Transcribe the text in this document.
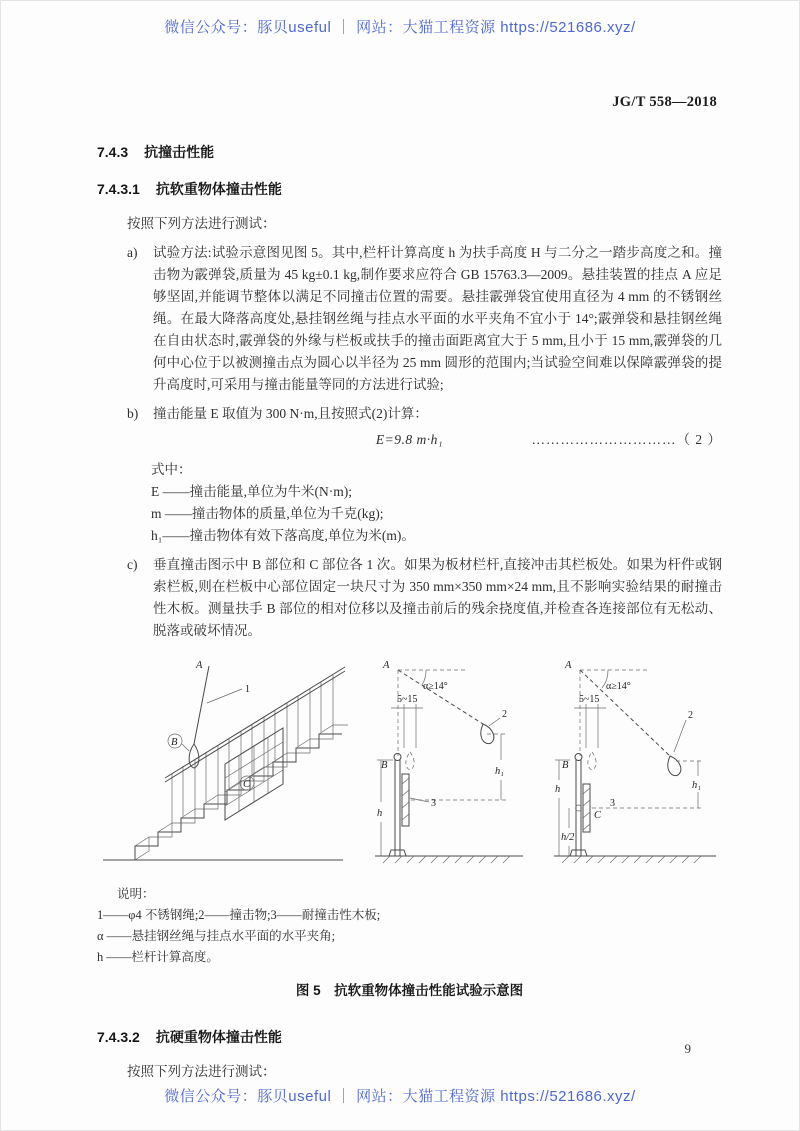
微信公众号：豚贝useful ｜ 网站：大猫工程资源 https://521686.xyz/
JG/T 558—2018
7.4.3 抗撞击性能
7.4.3.1 抗软重物体撞击性能
按照下列方法进行测试：
a)	试验方法:试验示意图见图 5。其中,栏杆计算高度 h 为扶手高度 H 与二分之一踏步高度之和。撞击物为霰弹袋,质量为 45 kg±0.1 kg,制作要求应符合 GB 15763.3—2009。悬挂装置的挂点 A 应足够坚固,并能调节整体以满足不同撞击位置的需要。悬挂霰弹袋宜使用直径为 4 mm 的不锈钢丝绳。在最大降落高度处,悬挂钢丝绳与挂点水平面的水平夹角不宜小于 14°;霰弹袋和悬挂钢丝绳在自由状态时,霰弹袋的外缘与栏板或扶手的撞击面距离宜大于 5 mm,且小于 15 mm,霰弹袋的几何中心位于以被测撞击点为圆心以半径为 25 mm 圆形的范围内;当试验空间难以保障霰弹袋的提升高度时,可采用与撞击能量等同的方法进行试验;
b)	撞击能量 E 取值为 300 N·m,且按照式(2)计算：
E=9.8 m·h₁	…………………………（ 2 ）
式中：
E ——撞击能量,单位为牛米(N·m);
m ——撞击物体的质量,单位为千克(kg);
h₁——撞击物体有效下落高度,单位为米(m)。
c)	垂直撞击图示中 B 部位和 C 部位各 1 次。如果为板材栏杆,直接冲击其栏板处。如果为杆件或钢索栏板,则在栏板中心部位固定一块尺寸为 350 mm×350 mm×24 mm,且不影响实验结果的耐撞击性木板。测量扶手 B 部位的相对位移以及撞击前后的残余挠度值,并检查各连接部位有无松动、脱落或破坏情况。
A
1
B
C
A
α≥14°
5~15
2
B
3
h
h₁
A
α≥14°
5~15
2
B
C
3
h
h/2
h₁
说明：
1——φ4 不锈钢绳;2——撞击物;3——耐撞击性木板;
α ——悬挂钢丝绳与挂点水平面的水平夹角;
h ——栏杆计算高度。
图 5　抗软重物体撞击性能试验示意图
7.4.3.2 抗硬重物体撞击性能
按照下列方法进行测试：
9
微信公众号：豚贝useful ｜ 网站：大猫工程资源 https://521686.xyz/
